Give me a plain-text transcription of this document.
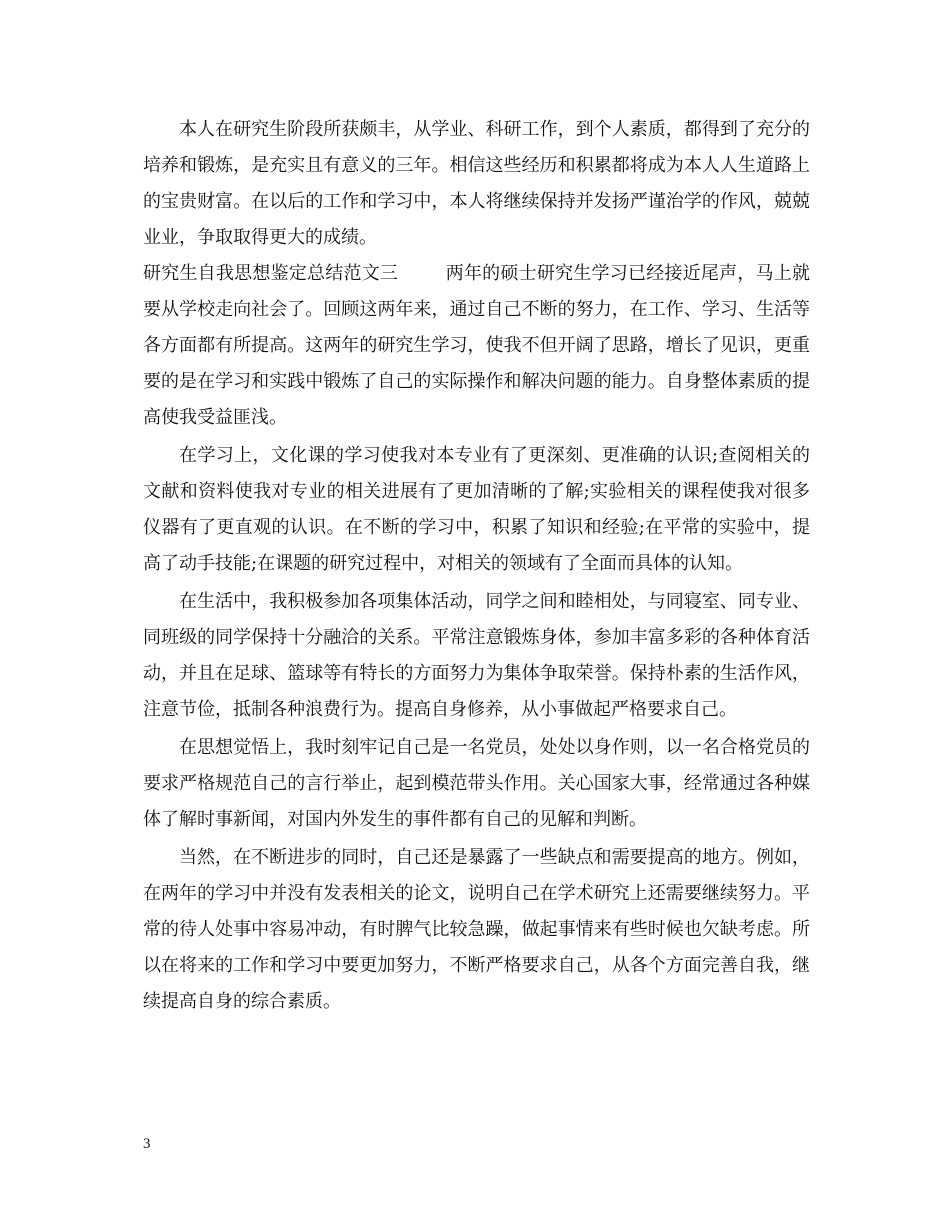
本人在研究生阶段所获颇丰，从学业、科研工作，到个人素质，都得到了充分的培养和锻炼，是充实且有意义的三年。相信这些经历和积累都将成为本人人生道路上的宝贵财富。在以后的工作和学习中，本人将继续保持并发扬严谨治学的作风，兢兢业业，争取取得更大的成绩。

研究生自我思想鉴定总结范文三	两年的硕士研究生学习已经接近尾声，马上就要从学校走向社会了。回顾这两年来，通过自己不断的努力，在工作、学习、生活等各方面都有所提高。这两年的研究生学习，使我不但开阔了思路，增长了见识，更重要的是在学习和实践中锻炼了自己的实际操作和解决问题的能力。自身整体素质的提高使我受益匪浅。

在学习上，文化课的学习使我对本专业有了更深刻、更准确的认识;查阅相关的文献和资料使我对专业的相关进展有了更加清晰的了解;实验相关的课程使我对很多仪器有了更直观的认识。在不断的学习中，积累了知识和经验;在平常的实验中，提高了动手技能;在课题的研究过程中，对相关的领域有了全面而具体的认知。

在生活中，我积极参加各项集体活动，同学之间和睦相处，与同寝室、同专业、同班级的同学保持十分融洽的关系。平常注意锻炼身体，参加丰富多彩的各种体育活动，并且在足球、篮球等有特长的方面努力为集体争取荣誉。保持朴素的生活作风，注意节俭，抵制各种浪费行为。提高自身修养，从小事做起严格要求自己。

在思想觉悟上，我时刻牢记自己是一名党员，处处以身作则，以一名合格党员的要求严格规范自己的言行举止，起到模范带头作用。关心国家大事，经常通过各种媒体了解时事新闻，对国内外发生的事件都有自己的见解和判断。

当然，在不断进步的同时，自己还是暴露了一些缺点和需要提高的地方。例如，在两年的学习中并没有发表相关的论文，说明自己在学术研究上还需要继续努力。平常的待人处事中容易冲动，有时脾气比较急躁，做起事情来有些时候也欠缺考虑。所以在将来的工作和学习中要更加努力，不断严格要求自己，从各个方面完善自我，继续提高自身的综合素质。

3
